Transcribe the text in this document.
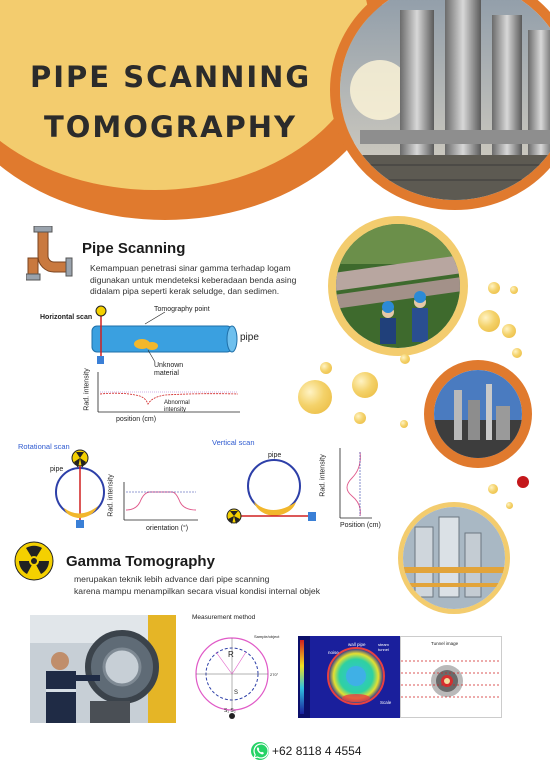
PIPE SCANNING
TOMOGRAPHY
Pipe Scanning
Kemampuan penetrasi sinar gamma terhadap logam
digunakan untuk mendeteksi keberadaan benda asing
didalam pipa seperti kerak seludge, dan sedimen.
Horizontal scan
Tomography point
pipe
Unknown
material
Rad. intensity	Abnormal
intensity
position (cm)
Rotational scan
pipe
Rad. intensity
orientation (°)
Vertical scan
pipe	Rad. intensity
Position (cm)
Gamma Tomography
merupakan teknik lebih advance dari pipe scanning
karena mampu menampilkan secara visual kondisi internal objek
Measurement method
R
Sample/object
S
270°
S₁ S₂
noise
wall pipe	steam tunnel
Scale
Tunnel image
+62 8118 4 4554
